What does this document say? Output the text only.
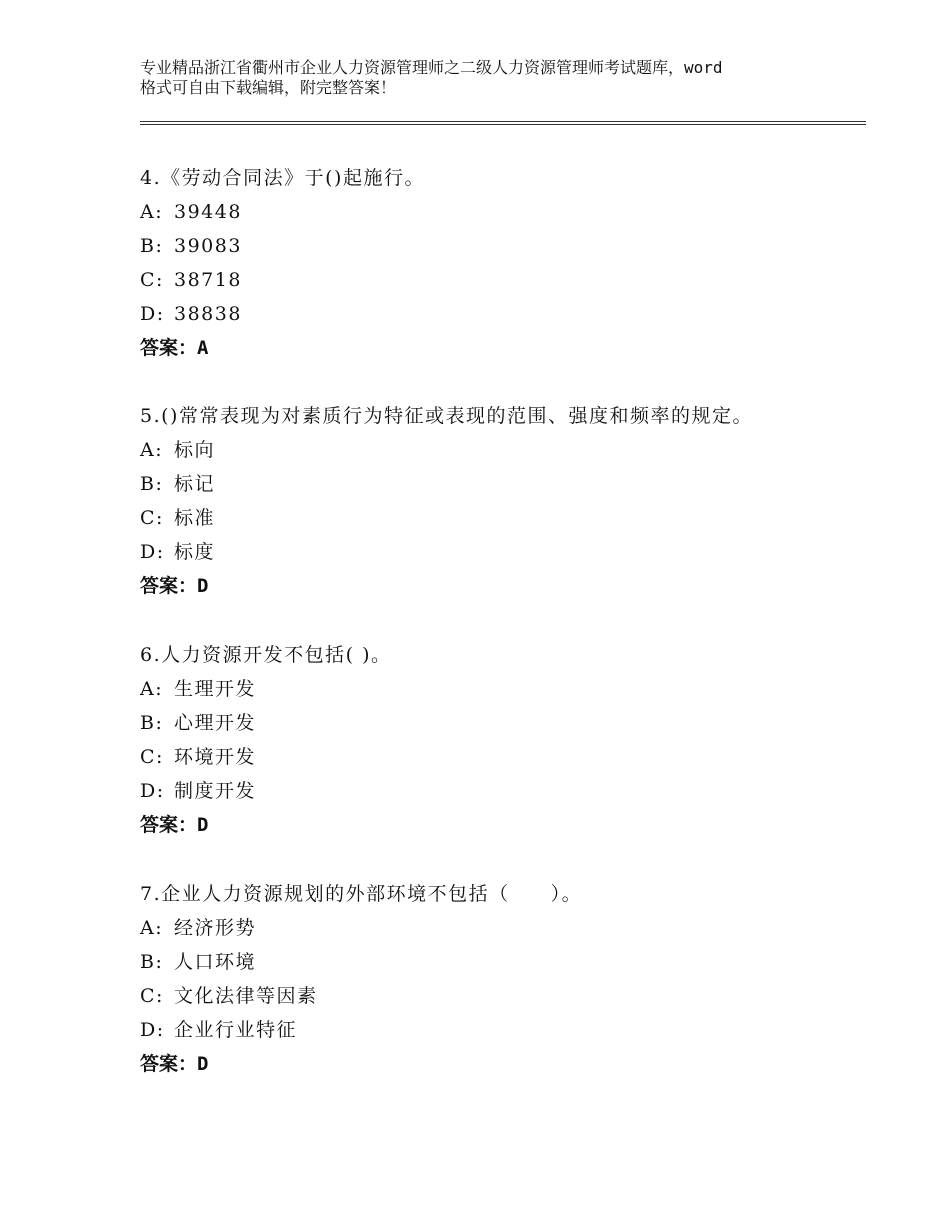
专业精品浙江省衢州市企业人力资源管理师之二级人力资源管理师考试题库，word
格式可自由下载编辑，附完整答案！
4.《劳动合同法》于()起施行。
A: 39448
B: 39083
C: 38718
D: 38838
答案：A
5.()常常表现为对素质行为特征或表现的范围、强度和频率的规定。
A: 标向
B: 标记
C: 标准
D: 标度
答案：D
6.人力资源开发不包括( )。
A: 生理开发
B: 心理开发
C: 环境开发
D: 制度开发
答案：D
7.企业人力资源规划的外部环境不包括（　　）。
A: 经济形势
B: 人口环境
C: 文化法律等因素
D: 企业行业特征
答案：D
